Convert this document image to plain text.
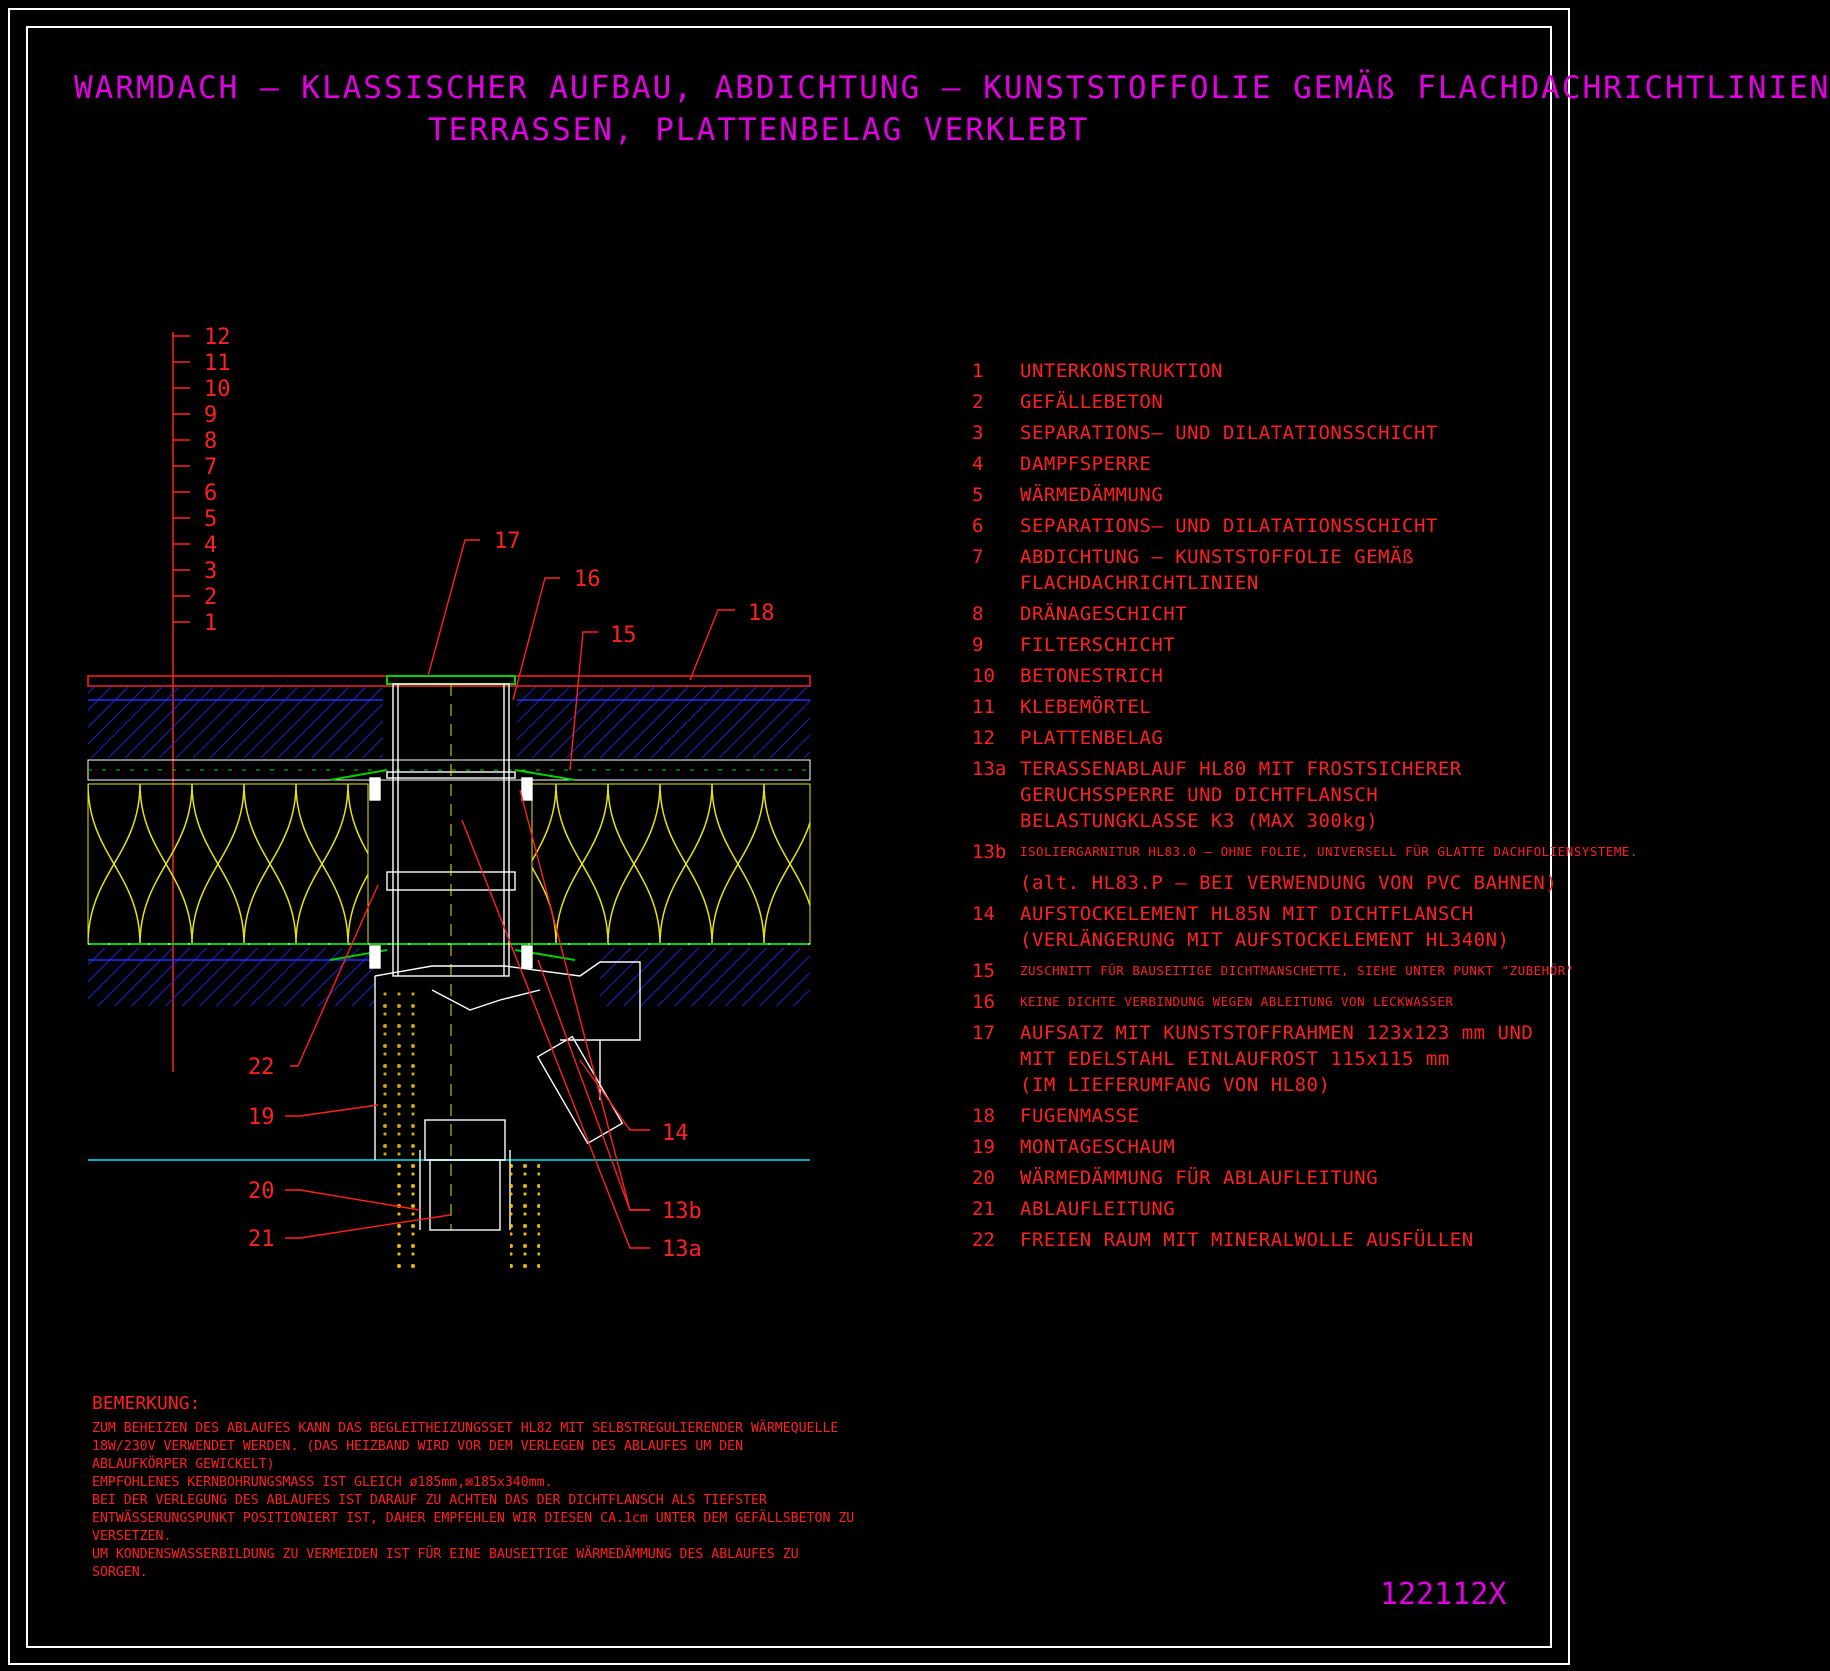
WARMDACH – KLASSISCHER AUFBAU, ABDICHTUNG – KUNSTSTOFFOLIE GEMÄß FLACHDACHRICHTLINIEN
TERRASSEN, PLATTENBELAG VERKLEBT
12
11
10
9
8
7
6
5
4
3
2
1
17
16
15
18
22
19
20
21
14
13b
13a
1	UNTERKONSTRUKTION
2	GEFÄLLEBETON
3	SEPARATIONS– UND DILATATIONSSCHICHT
4	DAMPFSPERRE
5	WÄRMEDÄMMUNG
6	SEPARATIONS– UND DILATATIONSSCHICHT
7	ABDICHTUNG – KUNSTSTOFFOLIE GEMÄß
FLACHDACHRICHTLINIEN
8	DRÄNAGESCHICHT
9	FILTERSCHICHT
10	BETONESTRICH
11	KLEBEMÖRTEL
12	PLATTENBELAG
13a TERASSENABLAUF HL80 MIT FROSTSICHERER
GERUCHSSPERRE UND DICHTFLANSCH
BELASTUNGKLASSE K3 (MAX 300kg)
13b	ISOLIERGARNITUR HL83.0 – OHNE FOLIE, UNIVERSELL FÜR GLATTE DACHFOLIENSYSTEME.
(alt. HL83.P – BEI VERWENDUNG VON PVC BAHNEN)
14	AUFSTOCKELEMENT HL85N MIT DICHTFLANSCH
(VERLÄNGERUNG MIT AUFSTOCKELEMENT HL340N)
15	ZUSCHNITT FÜR BAUSEITIGE DICHTMANSCHETTE, SIEHE UNTER PUNKT "ZUBEHÖR"
16	KEINE DICHTE VERBINDUNG WEGEN ABLEITUNG VON LECKWASSER
17	AUFSATZ MIT KUNSTSTOFFRAHMEN 123x123 mm UND
MIT EDELSTAHL EINLAUFROST 115x115 mm
(IM LIEFERUMFANG VON HL80)
18	FUGENMASSE
19	MONTAGESCHAUM
20	WÄRMEDÄMMUNG FÜR ABLAUFLEITUNG
21	ABLAUFLEITUNG
22	FREIEN RAUM MIT MINERALWOLLE AUSFÜLLEN
BEMERKUNG:
ZUM BEHEIZEN DES ABLAUFES KANN DAS BEGLEITHEIZUNGSSET HL82 MIT SELBSTREGULIERENDER WÄRMEQUELLE
18W/230V VERWENDET WERDEN. (DAS HEIZBAND WIRD VOR DEM VERLEGEN DES ABLAUFES UM DEN
ABLAUFKÖRPER GEWICKELT)
EMPFOHLENES KERNBOHRUNGSMASS IST GLEICH ø185mm,⊠185x340mm.
BEI DER VERLEGUNG DES ABLAUFES IST DARAUF ZU ACHTEN DAS DER DICHTFLANSCH ALS TIEFSTER
ENTWÄSSERUNGSPUNKT POSITIONIERT IST, DAHER EMPFEHLEN WIR DIESEN CA.1cm UNTER DEM GEFÄLLSBETON ZU
VERSETZEN.
UM KONDENSWASSERBILDUNG ZU VERMEIDEN IST FÜR EINE BAUSEITIGE WÄRMEDÄMMUNG DES ABLAUFES ZU
SORGEN.
122112X
